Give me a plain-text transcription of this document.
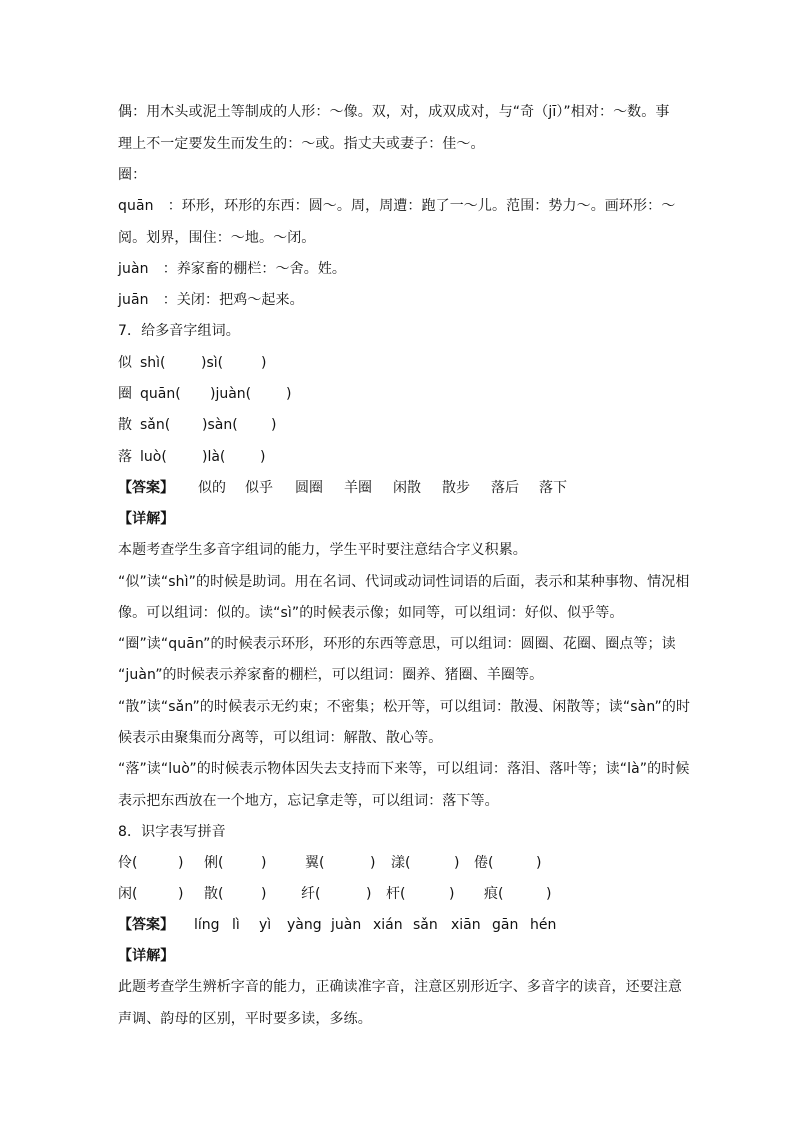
偶：用木头或泥土等制成的人形：～像。双，对，成双成对，与“奇（jī）”相对：～数。事
理上不一定要发生而发生的：～或。指丈夫或妻子：佳～。
圈：
quān　：环形，环形的东西：圆～。周，周遭：跑了一～儿。范围：势力～。画环形：～
阅。划界，围住：～地。～闭。
juàn　：养家畜的棚栏：～舍。姓。
juān　：关闭：把鸡～起来。
7．给多音字组词。
似 shì(	)sì(	)
圈 quān( )juàn( )
散 sǎn( )sàn( )
落 luò(	)là( )
【答案】 似的 似乎 圆圈 羊圈 闲散 散步 落后 落下
【详解】
本题考查学生多音字组词的能力，学生平时要注意结合字义积累。
“似”读“shì”的时候是助词。用在名词、代词或动词性词语的后面，表示和某种事物、情况相
像。可以组词：似的。读“sì”的时候表示像；如同等，可以组词：好似、似乎等。
“圈”读“quān”的时候表示环形，环形的东西等意思，可以组词：圆圈、花圈、圈点等；读
“juàn”的时候表示养家畜的棚栏，可以组词：圈养、猪圈、羊圈等。
“散”读“sǎn”的时候表示无约束；不密集；松开等，可以组词：散漫、闲散等；读“sàn”的时
候表示由聚集而分离等，可以组词：解散、散心等。
“落”读“luò”的时候表示物体因失去支持而下来等，可以组词：落泪、落叶等；读“là”的时候
表示把东西放在一个地方，忘记拿走等，可以组词：落下等。
8．识字表写拼音
伶(	) 俐(	)	翼(	) 漾(	) 倦(	)
闲(	) 散(	) 纤(	) 杆(	) 痕(	)
【答案】 líng lì yì yàng juàn xián sǎn xiān gān hén
【详解】
此题考查学生辨析字音的能力，正确读准字音，注意区别形近字、多音字的读音，还要注意
声调、韵母的区别，平时要多读，多练。
